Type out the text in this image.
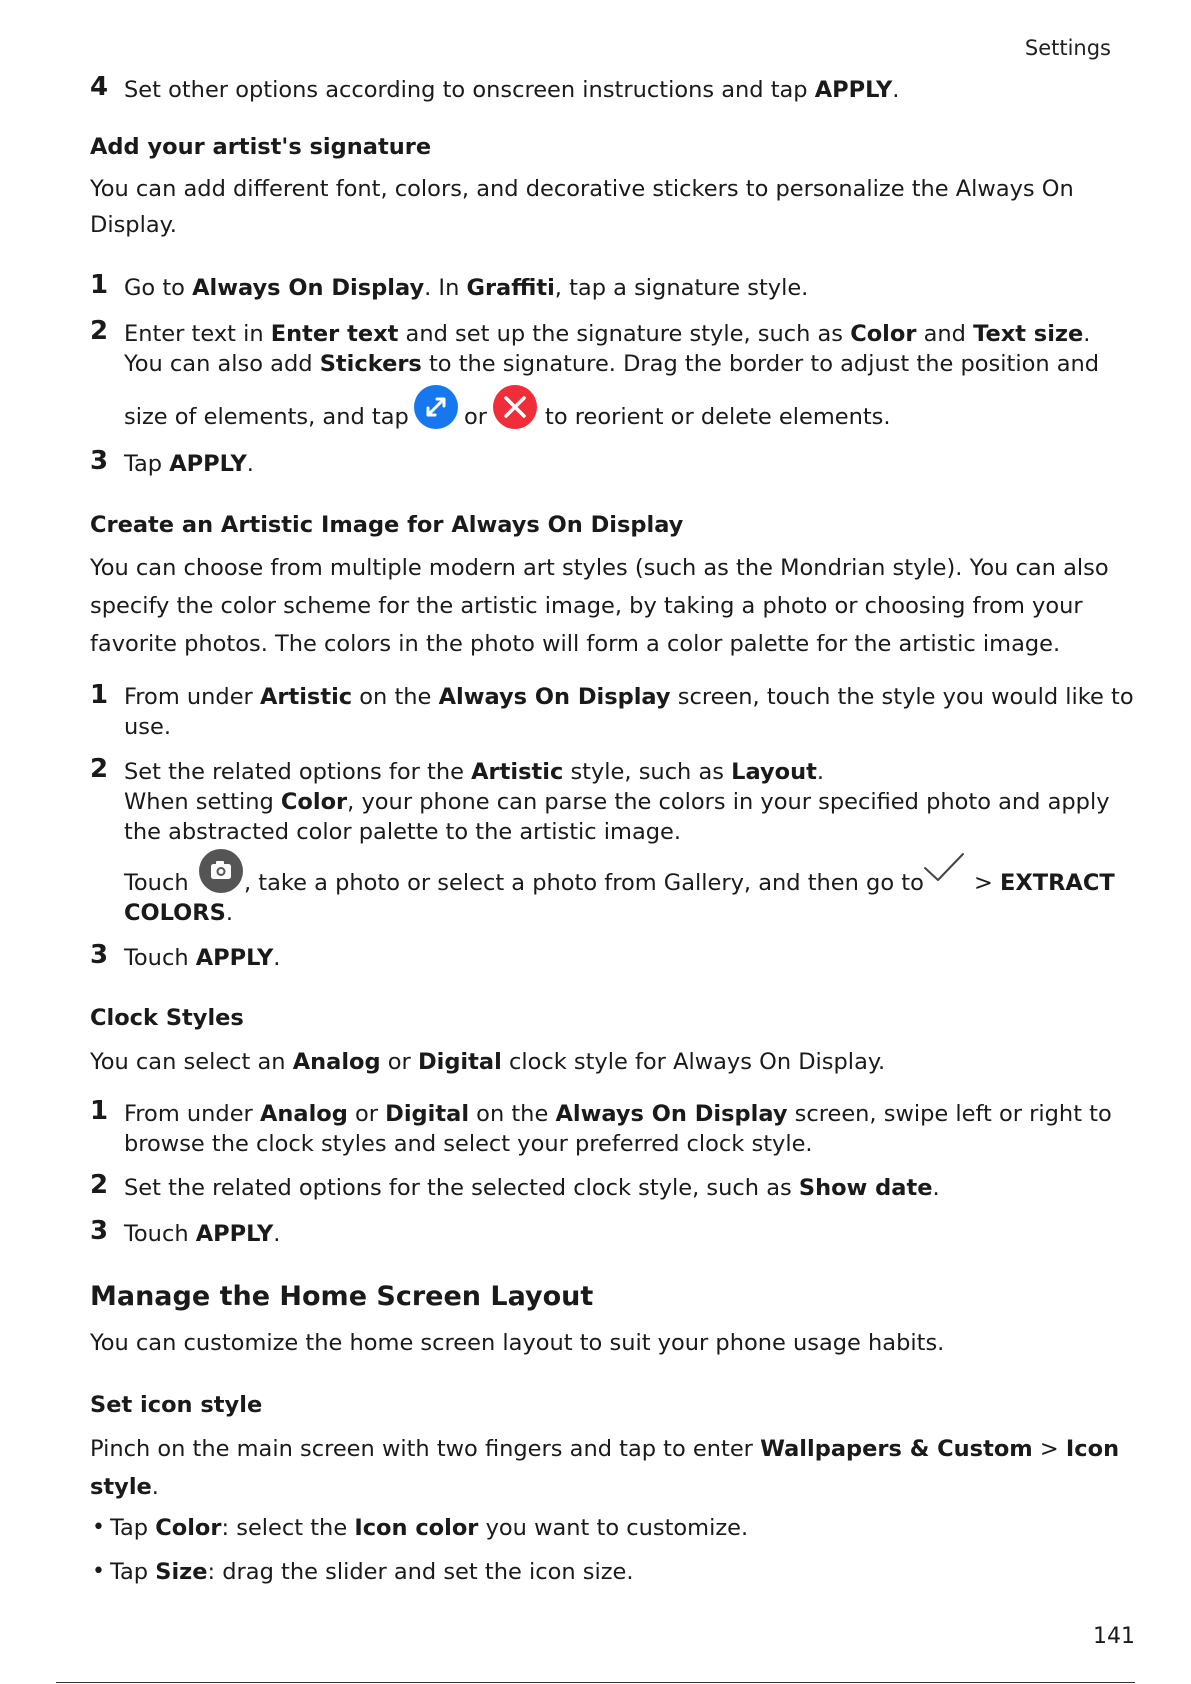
Settings
4 Set other options according to onscreen instructions and tap APPLY.
Add your artist's signature
You can add different font, colors, and decorative stickers to personalize the Always On
Display.
1 Go to Always On Display. In Graffiti, tap a signature style.
2 Enter text in Enter text and set up the signature style, such as Color and Text size.
You can also add Stickers to the signature. Drag the border to adjust the position and
size of elements, and tap or	to reorient or delete elements.
3 Tap APPLY.
Create an Artistic Image for Always On Display
You can choose from multiple modern art styles (such as the Mondrian style). You can also
specify the color scheme for the artistic image, by taking a photo or choosing from your
favorite photos. The colors in the photo will form a color palette for the artistic image.
1 From under Artistic on the Always On Display screen, touch the style you would like to
use.
2 Set the related options for the Artistic style, such as Layout.
When setting Color, your phone can parse the colors in your specified photo and apply
the abstracted color palette to the artistic image.
Touch , take a photo or select a photo from Gallery, and then go to > EXTRACT
COLORS.
3 Touch APPLY.
Clock Styles
You can select an Analog or Digital clock style for Always On Display.
1 From under Analog or Digital on the Always On Display screen, swipe left or right to
browse the clock styles and select your preferred clock style.
2 Set the related options for the selected clock style, such as Show date.
3 Touch APPLY.
Manage the Home Screen Layout
You can customize the home screen layout to suit your phone usage habits.
Set icon style
Pinch on the main screen with two fingers and tap to enter Wallpapers & Custom > Icon
style.
• Tap Color: select the Icon color you want to customize.
• Tap Size: drag the slider and set the icon size.
141
